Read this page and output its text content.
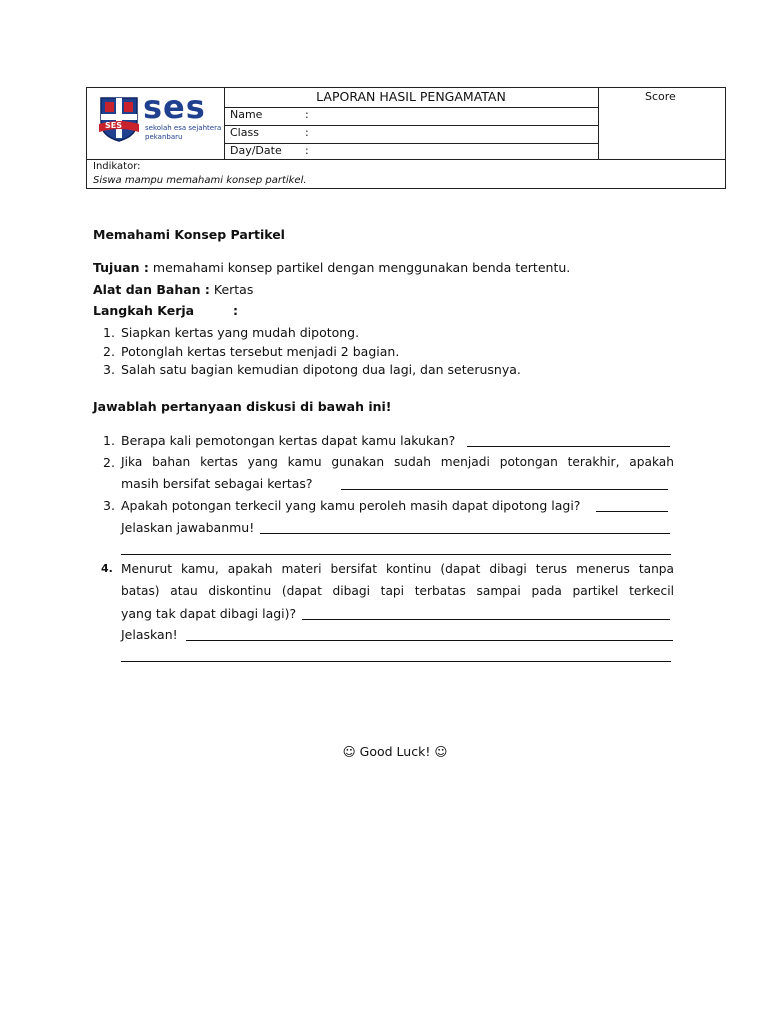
SES ses
sekolah esa sejahtera
pekanbaru
LAPORAN HASIL PENGAMATAN	Score
Name	:
Class	:
Day/Date :
Indikator:
Siswa mampu memahami konsep partikel.
Memahami Konsep Partikel
Tujuan : memahami konsep partikel dengan menggunakan benda tertentu.
Alat dan Bahan : Kertas
Langkah Kerja	:
1. Siapkan kertas yang mudah dipotong.
2. Potonglah kertas tersebut menjadi 2 bagian.
3. Salah satu bagian kemudian dipotong dua lagi, dan seterusnya.
Jawablah pertanyaan diskusi di bawah ini!
1. Berapa kali pemotongan kertas dapat kamu lakukan?
2. Jika bahan kertas yang kamu gunakan sudah menjadi potongan terakhir, apakah
masih bersifat sebagai kertas?
3. Apakah potongan terkecil yang kamu peroleh masih dapat dipotong lagi?
Jelaskan jawabanmu!
4. Menurut kamu, apakah materi bersifat kontinu (dapat dibagi terus menerus tanpa
batas) atau diskontinu (dapat dibagi tapi terbatas sampai pada partikel terkecil
yang tak dapat dibagi lagi)?
Jelaskan!
☺ Good Luck! ☺
